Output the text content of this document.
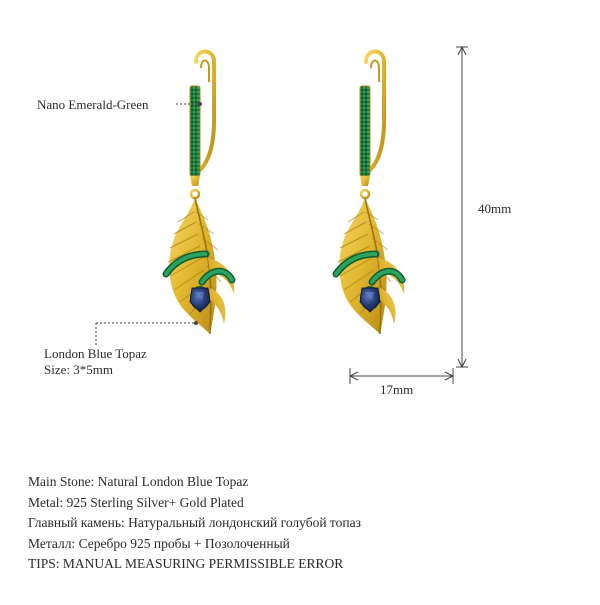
Nano Emerald-Green
London Blue Topaz
Size: 3*5mm
40mm
17mm
Main Stone: Natural London Blue Topaz
Metal: 925 Sterling Silver+ Gold Plated
Главный камень: Натуральный лондонский голубой топаз
Металл: Серебро 925 пробы + Позолоченный
TIPS: MANUAL MEASURING PERMISSIBLE ERROR
